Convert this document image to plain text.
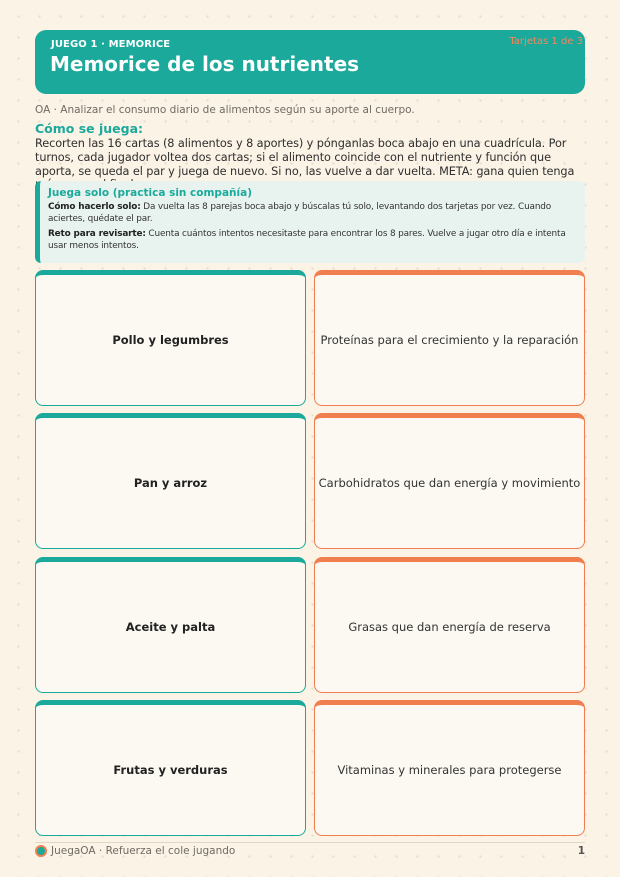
JUEGO 1 · MEMORICE
Memorice de los nutrientes
Tarjetas 1 de 3
OA · Analizar el consumo diario de alimentos según su aporte al cuerpo.
Cómo se juega:
Recorten las 16 cartas (8 alimentos y 8 aportes) y pónganlas boca abajo en una cuadrícula. Por turnos, cada jugador voltea dos cartas; si el alimento coincide con el nutriente y función que aporta, se queda el par y juega de nuevo. Si no, las vuelve a dar vuelta. META: gana quien tenga
Juega solo (practica sin compañía)
Cómo hacerlo solo: Da vuelta las 8 parejas boca abajo y búscalas tú solo, levantando dos tarjetas por vez. Cuando aciertes, quédate el par.
Reto para revisarte: Cuenta cuántos intentos necesitaste para encontrar los 8 pares. Vuelve a jugar otro día e intenta usar menos intentos.
Pollo y legumbres	Proteínas para el crecimiento y la reparación
Pan y arroz	Carbohidratos que dan energía y movimiento
Aceite y palta	Grasas que dan energía de reserva
Frutas y verduras	Vitaminas y minerales para protegerse
JuegaOA · Refuerza el cole jugando	1
